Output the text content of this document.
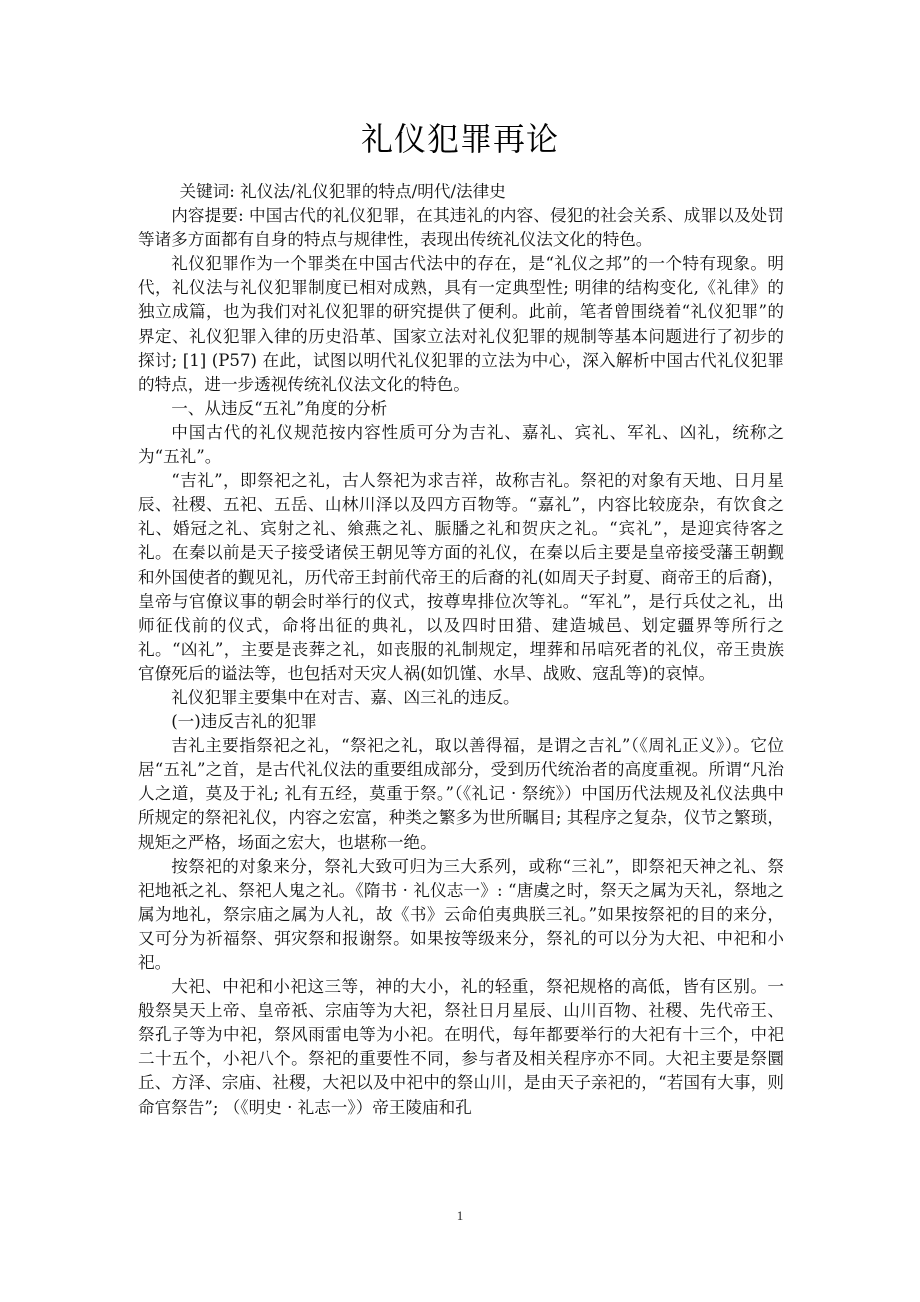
礼仪犯罪再论

关键词: 礼仪法/礼仪犯罪的特点/明代/法律史

内容提要: 中国古代的礼仪犯罪，在其违礼的内容、侵犯的社会关系、成罪以及处罚等诸多方面都有自身的特点与规律性，表现出传统礼仪法文化的特色。

礼仪犯罪作为一个罪类在中国古代法中的存在，是“礼仪之邦”的一个特有现象。明代，礼仪法与礼仪犯罪制度已相对成熟，具有一定典型性; 明律的结构变化,《礼律》的独立成篇，也为我们对礼仪犯罪的研究提供了便利。此前，笔者曾围绕着“礼仪犯罪”的界定、礼仪犯罪入律的历史沿革、国家立法对礼仪犯罪的规制等基本问题进行了初步的探讨; [1] (P57) 在此，试图以明代礼仪犯罪的立法为中心，深入解析中国古代礼仪犯罪的特点，进一步透视传统礼仪法文化的特色。

一、从违反“五礼”角度的分析

中国古代的礼仪规范按内容性质可分为吉礼、嘉礼、宾礼、军礼、凶礼，统称之为“五礼”。

“吉礼”，即祭祀之礼，古人祭祀为求吉祥，故称吉礼。祭祀的对象有天地、日月星辰、社稷、五祀、五岳、山林川泽以及四方百物等。“嘉礼”，内容比较庞杂，有饮食之礼、婚冠之礼、宾射之礼、飨燕之礼、脤膰之礼和贺庆之礼。“宾礼”，是迎宾待客之礼。在秦以前是天子接受诸侯王朝见等方面的礼仪，在秦以后主要是皇帝接受藩王朝觐和外国使者的觐见礼，历代帝王封前代帝王的后裔的礼(如周天子封夏、商帝王的后裔)，皇帝与官僚议事的朝会时举行的仪式，按尊卑排位次等礼。“军礼”，是行兵仗之礼，出师征伐前的仪式，命将出征的典礼，以及四时田猎、建造城邑、划定疆界等所行之礼。“凶礼”，主要是丧葬之礼，如丧服的礼制规定，埋葬和吊唁死者的礼仪，帝王贵族官僚死后的谥法等，也包括对天灾人祸(如饥馑、水旱、战败、寇乱等)的哀悼。

礼仪犯罪主要集中在对吉、嘉、凶三礼的违反。

(一)违反吉礼的犯罪

吉礼主要指祭祀之礼，“祭祀之礼，取以善得福，是谓之吉礼”（《周礼正义》）。它位居“五礼”之首，是古代礼仪法的重要组成部分，受到历代统治者的高度重视。所谓“凡治人之道，莫及于礼; 礼有五经，莫重于祭。”（《礼记 · 祭统》）中国历代法规及礼仪法典中所规定的祭祀礼仪，内容之宏富，种类之繁多为世所瞩目; 其程序之复杂，仪节之繁琐，规矩之严格，场面之宏大，也堪称一绝。

按祭祀的对象来分，祭礼大致可归为三大系列，或称“三礼”，即祭祀天神之礼、祭祀地祇之礼、祭祀人鬼之礼。《隋书 · 礼仪志一》: “唐虞之时，祭天之属为天礼，祭地之属为地礼，祭宗庙之属为人礼，故《书》云命伯夷典朕三礼。”如果按祭祀的目的来分，又可分为祈福祭、弭灾祭和报谢祭。如果按等级来分，祭礼的可以分为大祀、中祀和小祀。

大祀、中祀和小祀这三等，神的大小，礼的轻重，祭祀规格的高低，皆有区别。一般祭昊天上帝、皇帝祇、宗庙等为大祀，祭社日月星辰、山川百物、社稷、先代帝王、祭孔子等为中祀，祭风雨雷电等为小祀。在明代，每年都要举行的大祀有十三个，中祀二十五个，小祀八个。祭祀的重要性不同，参与者及相关程序亦不同。大祀主要是祭圜丘、方泽、宗庙、社稷，大祀以及中祀中的祭山川，是由天子亲祀的，“若国有大事，则命官祭告”; （《明史 · 礼志一》）帝王陵庙和孔

1
